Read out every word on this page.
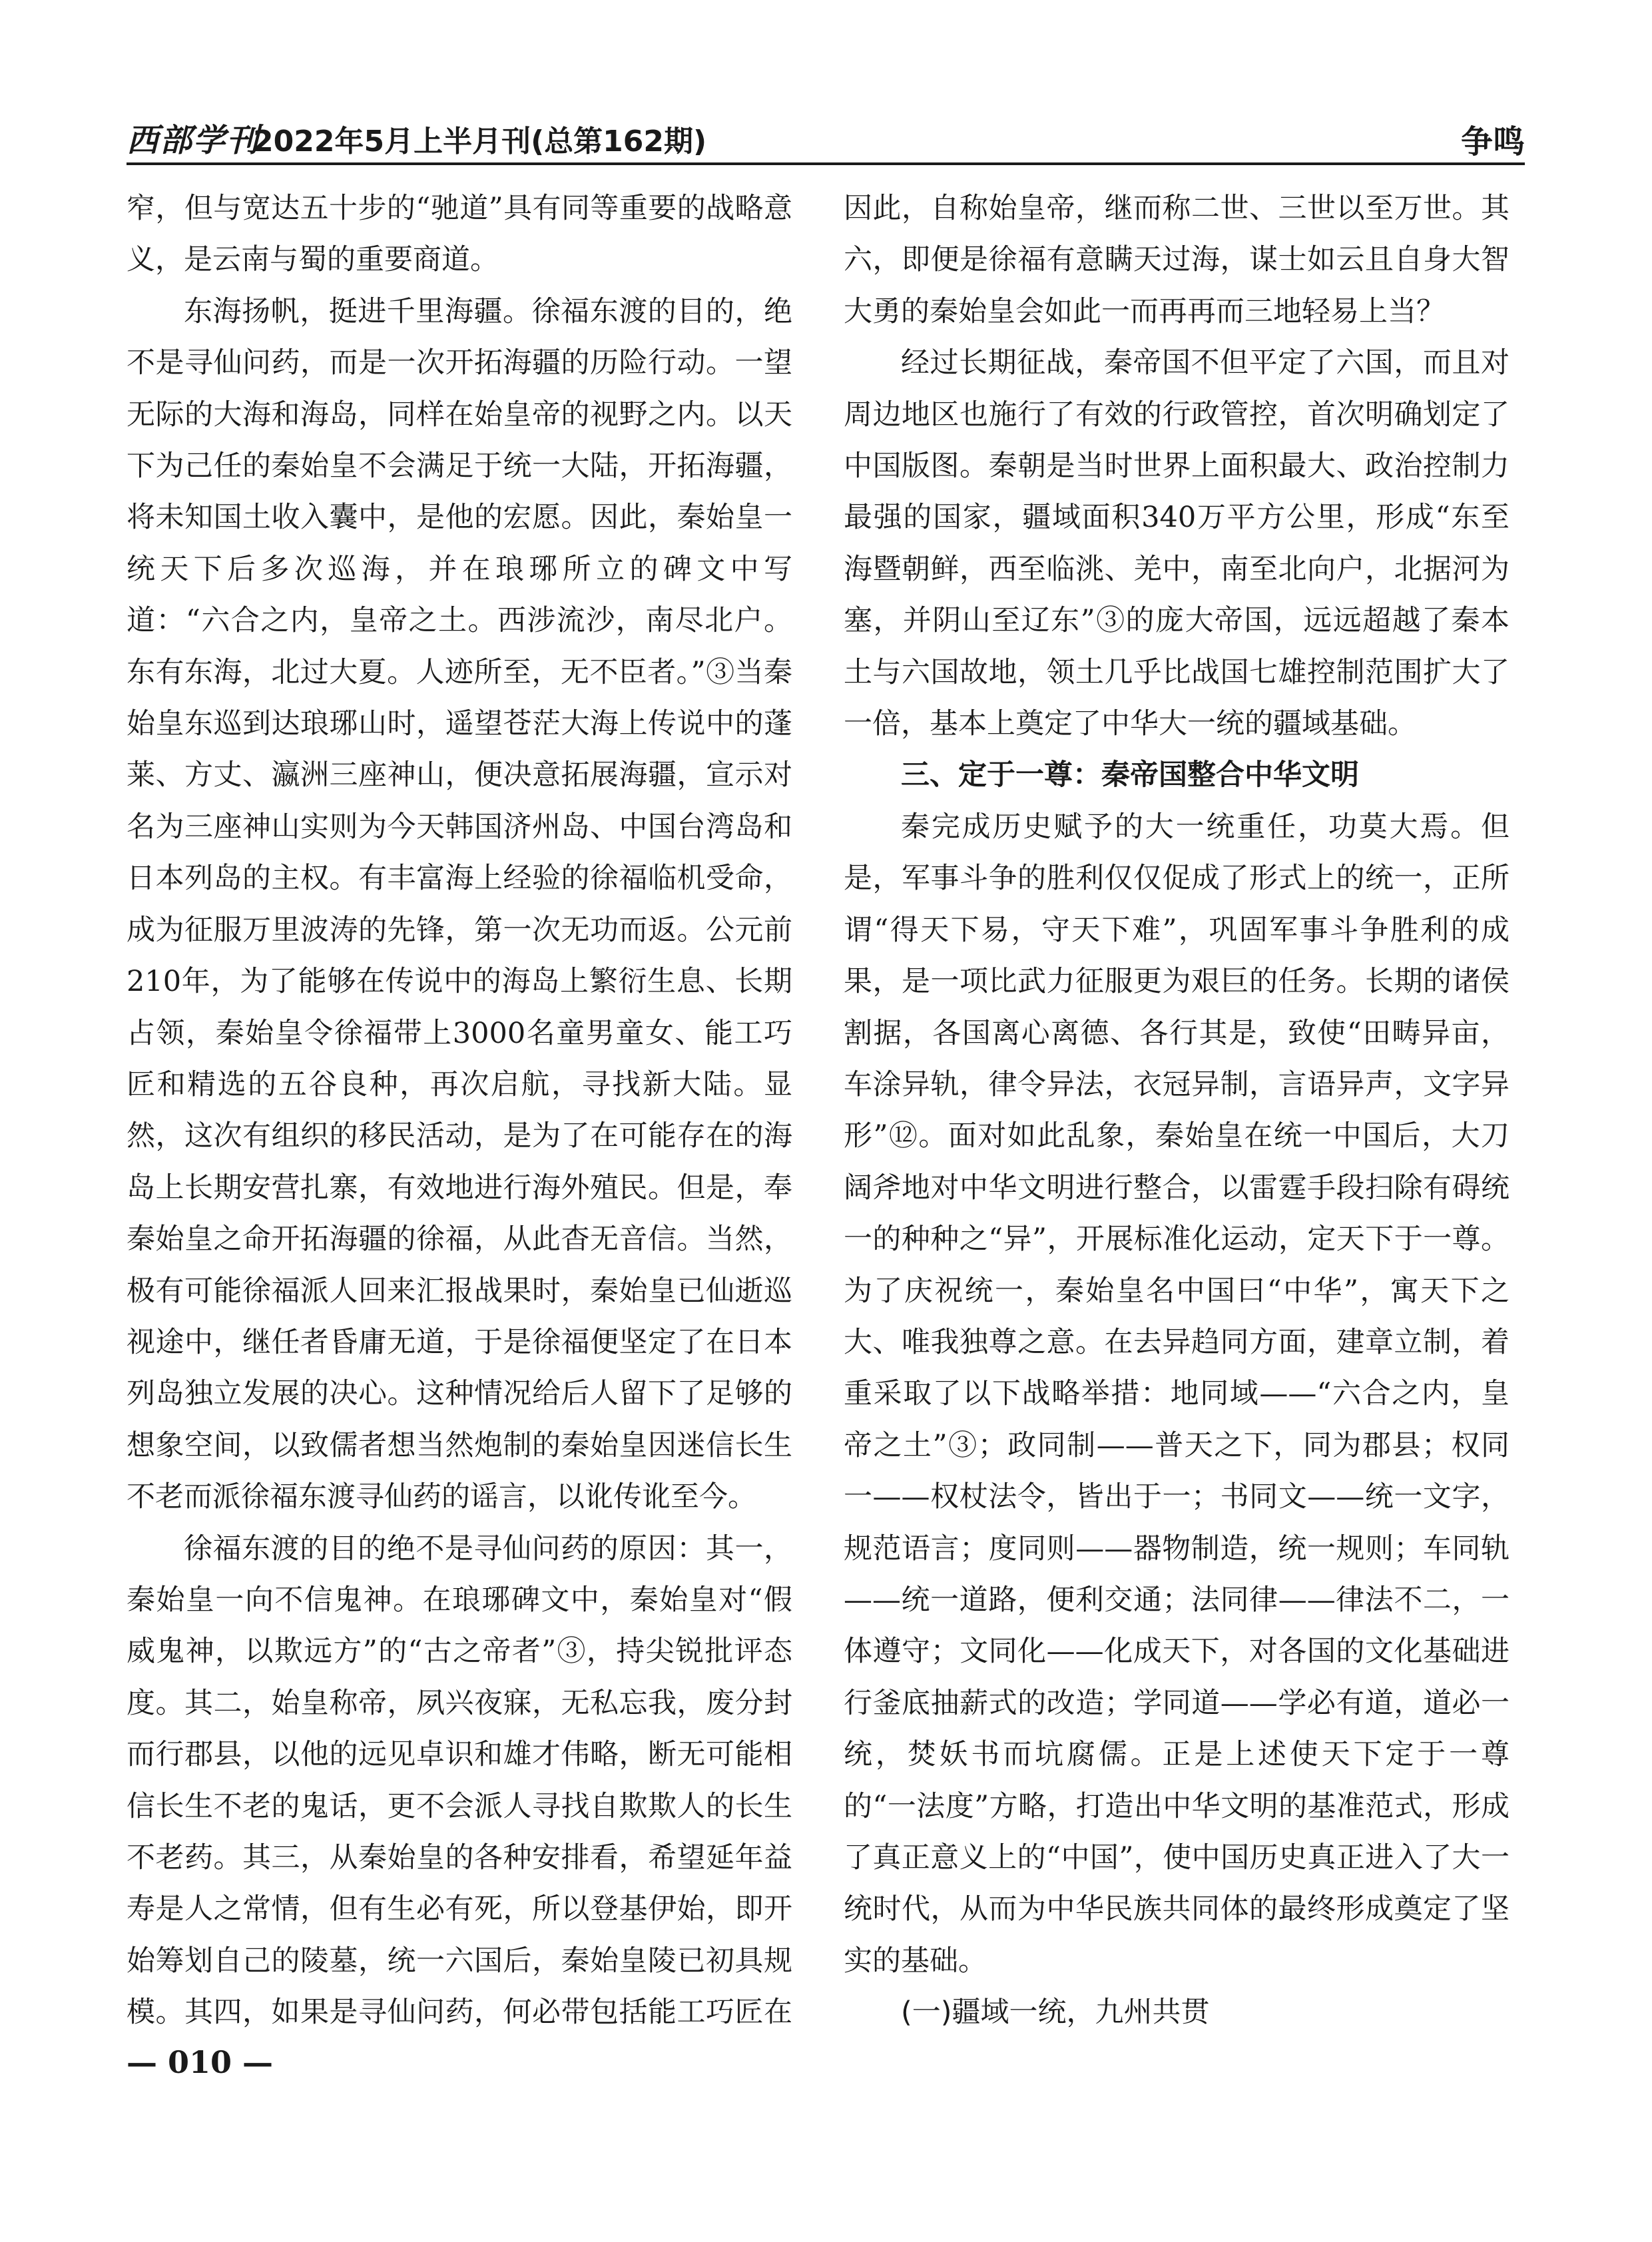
西部学刊
2022年5月上半月刊(总第162期)	争鸣

窄，但与宽达五十步的“驰道”具有同等重要的战略意义，是云南与蜀的重要商道。

东海扬帆，挺进千里海疆。徐福东渡的目的，绝不是寻仙问药，而是一次开拓海疆的历险行动。一望无际的大海和海岛，同样在始皇帝的视野之内。以天下为己任的秦始皇不会满足于统一大陆，开拓海疆，将未知国土收入囊中，是他的宏愿。因此，秦始皇一统天下后多次巡海，并在琅琊所立的碑文中写道：“六合之内，皇帝之土。西涉流沙，南尽北户。东有东海，北过大夏。人迹所至，无不臣者。”③当秦始皇东巡到达琅琊山时，遥望苍茫大海上传说中的蓬莱、方丈、瀛洲三座神山，便决意拓展海疆，宣示对名为三座神山实则为今天韩国济州岛、中国台湾岛和日本列岛的主权。有丰富海上经验的徐福临机受命，成为征服万里波涛的先锋，第一次无功而返。公元前210年，为了能够在传说中的海岛上繁衍生息、长期占领，秦始皇令徐福带上3000名童男童女、能工巧匠和精选的五谷良种，再次启航，寻找新大陆。显然，这次有组织的移民活动，是为了在可能存在的海岛上长期安营扎寨，有效地进行海外殖民。但是，奉秦始皇之命开拓海疆的徐福，从此杳无音信。当然，极有可能徐福派人回来汇报战果时，秦始皇已仙逝巡视途中，继任者昏庸无道，于是徐福便坚定了在日本列岛独立发展的决心。这种情况给后人留下了足够的想象空间，以致儒者想当然炮制的秦始皇因迷信长生不老而派徐福东渡寻仙药的谣言，以讹传讹至今。

徐福东渡的目的绝不是寻仙问药的原因：其一，秦始皇一向不信鬼神。在琅琊碑文中，秦始皇对“假威鬼神，以欺远方”的“古之帝者”③，持尖锐批评态度。其二，始皇称帝，夙兴夜寐，无私忘我，废分封而行郡县，以他的远见卓识和雄才伟略，断无可能相信长生不老的鬼话，更不会派人寻找自欺欺人的长生不老药。其三，从秦始皇的各种安排看，希望延年益寿是人之常情，但有生必有死，所以登基伊始，即开始筹划自己的陵墓，统一六国后，秦始皇陵已初具规模。其四，如果是寻仙问药，何必带包括能工巧匠在

因此，自称始皇帝，继而称二世、三世以至万世。其六，即便是徐福有意瞒天过海，谋士如云且自身大智大勇的秦始皇会如此一而再再而三地轻易上当？

经过长期征战，秦帝国不但平定了六国，而且对周边地区也施行了有效的行政管控，首次明确划定了中国版图。秦朝是当时世界上面积最大、政治控制力最强的国家，疆域面积340万平方公里，形成“东至海暨朝鲜，西至临洮、羌中，南至北向户，北据河为塞，并阴山至辽东”③的庞大帝国，远远超越了秦本土与六国故地，领土几乎比战国七雄控制范围扩大了一倍，基本上奠定了中华大一统的疆域基础。

三、定于一尊：秦帝国整合中华文明

秦完成历史赋予的大一统重任，功莫大焉。但是，军事斗争的胜利仅仅促成了形式上的统一，正所谓“得天下易，守天下难”，巩固军事斗争胜利的成果，是一项比武力征服更为艰巨的任务。长期的诸侯割据，各国离心离德、各行其是，致使“田畴异亩，车涂异轨，律令异法，衣冠异制，言语异声，文字异形”⑫。面对如此乱象，秦始皇在统一中国后，大刀阔斧地对中华文明进行整合，以雷霆手段扫除有碍统一的种种之“异”，开展标准化运动，定天下于一尊。为了庆祝统一，秦始皇名中国曰“中华”，寓天下之大、唯我独尊之意。在去异趋同方面，建章立制，着重采取了以下战略举措：地同域——“六合之内，皇帝之土”③；政同制——普天之下，同为郡县；权同一——权杖法令，皆出于一；书同文——统一文字，规范语言；度同则——器物制造，统一规则；车同轨——统一道路，便利交通；法同律——律法不二，一体遵守；文同化——化成天下，对各国的文化基础进行釜底抽薪式的改造；学同道——学必有道，道必一统，焚妖书而坑腐儒。正是上述使天下定于一尊的“一法度”方略，打造出中华文明的基准范式，形成了真正意义上的“中国”，使中国历史真正进入了大一统时代，从而为中华民族共同体的最终形成奠定了坚实的基础。

(一)疆域一统，九州共贯

— 010 —
